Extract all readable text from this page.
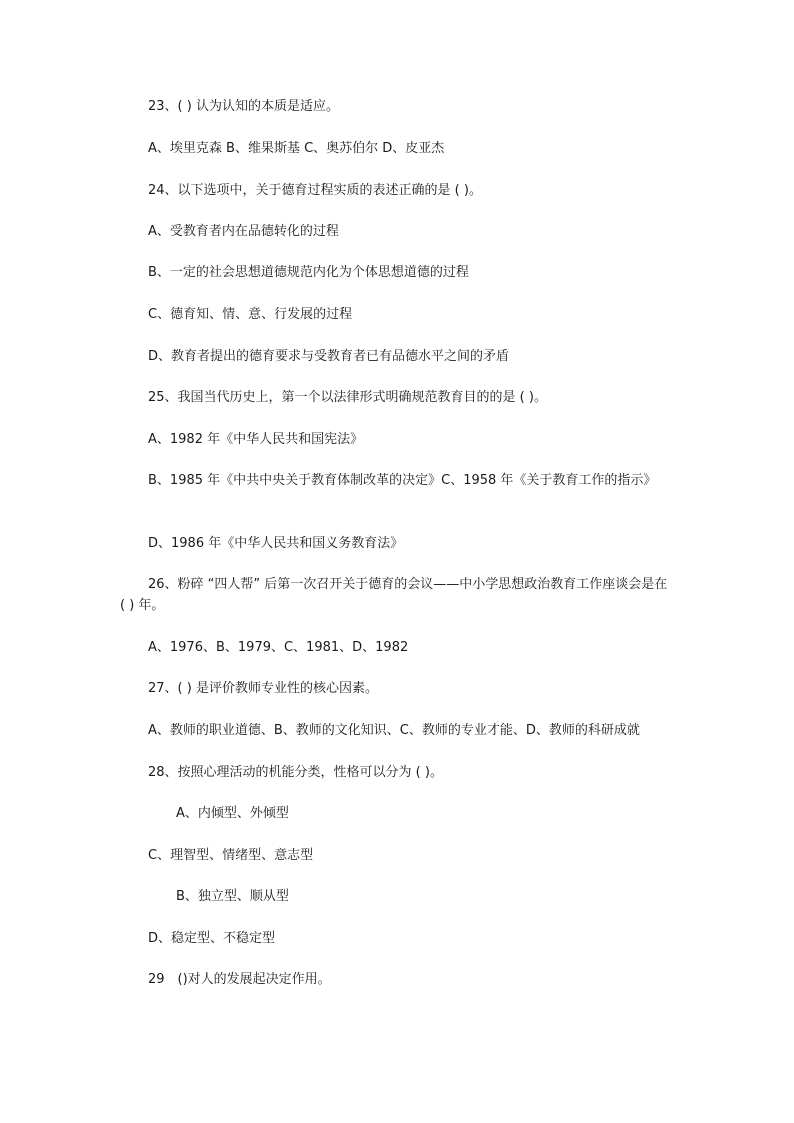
23、( ) 认为认知的本质是适应。
A、埃里克森 B、维果斯基 C、奥苏伯尔 D、皮亚杰
24、以下选项中，关于德育过程实质的表述正确的是 ( )。
A、受教育者内在品德转化的过程
B、一定的社会思想道德规范内化为个体思想道德的过程
C、德育知、情、意、行发展的过程
D、教育者提出的德育要求与受教育者已有品德水平之间的矛盾
25、我国当代历史上，第一个以法律形式明确规范教育目的的是 ( )。
A、1982 年《中华人民共和国宪法》
B、1985 年《中共中央关于教育体制改革的决定》C、1958 年《关于教育工作的指示》
D、1986 年《中华人民共和国义务教育法》
26、粉碎 “四人帮” 后第一次召开关于德育的会议——中小学思想政治教育工作座谈会是在 ( ) 年。
A、1976、B、1979、C、1981、D、1982
27、( ) 是评价教师专业性的核心因素。
A、教师的职业道德、B、教师的文化知识、C、教师的专业才能、D、教师的科研成就
28、按照心理活动的机能分类，性格可以分为 ( )。
A、内倾型、外倾型
C、理智型、情绪型、意志型
B、独立型、顺从型
D、稳定型、不稳定型
29　()对人的发展起决定作用。
